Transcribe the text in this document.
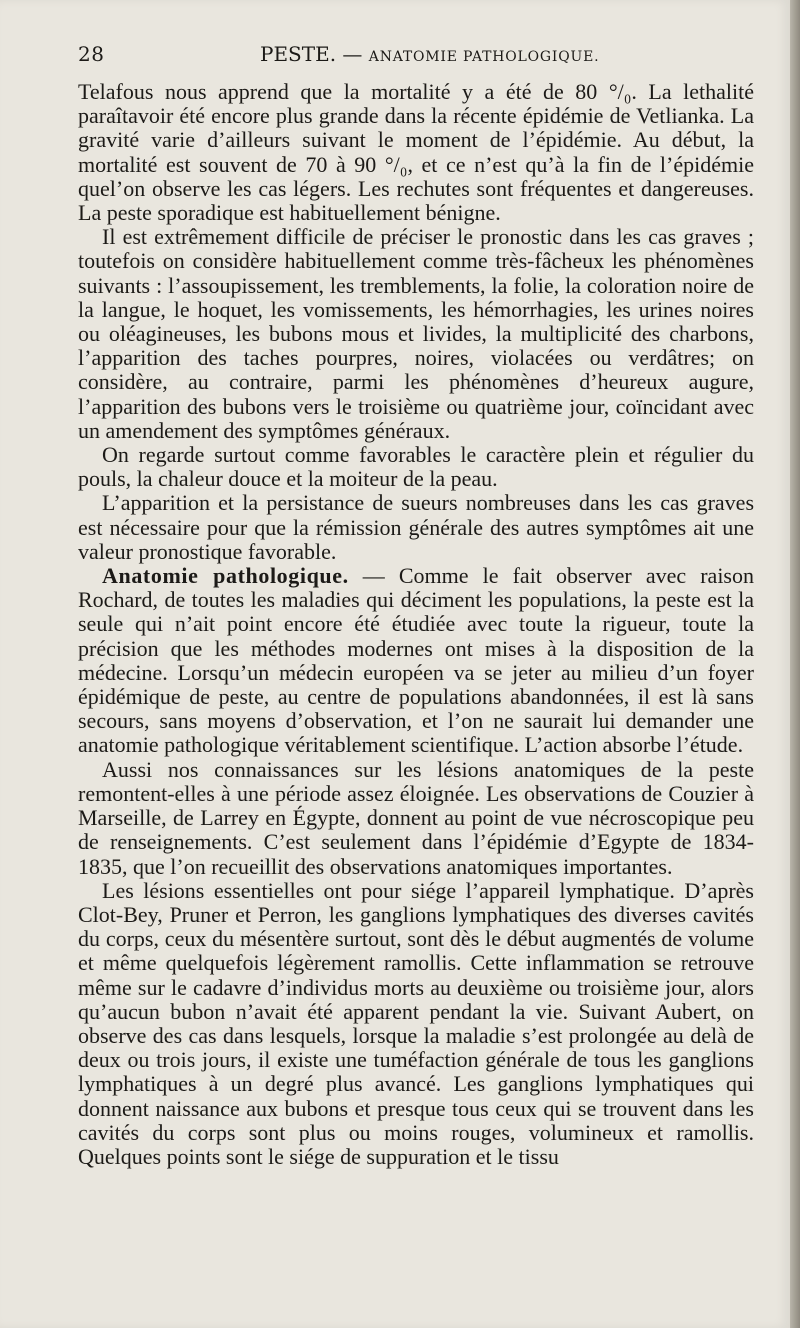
28	PESTE. — ANATOMIE PATHOLOGIQUE.

Telafous nous apprend que la mortalité y a été de 80 °/₀. La lethalité paraîtavoir été encore plus grande dans la récente épidémie de Vetlianka. La gravité varie d’ailleurs suivant le moment de l’épidémie. Au début, la mortalité est souvent de 70 à 90 °/₀, et ce n’est qu’à la fin de l’épidémie quel’on observe les cas légers. Les rechutes sont fréquentes et dangereuses. La peste sporadique est habituellement bénigne.

Il est extrêmement difficile de préciser le pronostic dans les cas graves ; toutefois on considère habituellement comme très-fâcheux les phénomènes suivants : l’assoupissement, les tremblements, la folie, la coloration noire de la langue, le hoquet, les vomissements, les hémorrhagies, les urines noires ou oléagineuses, les bubons mous et livides, la multiplicité des charbons, l’apparition des taches pourpres, noires, violacées ou verdâtres; on considère, au contraire, parmi les phénomènes d’heureux augure, l’apparition des bubons vers le troisième ou quatrième jour, coïncidant avec un amendement des symptômes généraux.

On regarde surtout comme favorables le caractère plein et régulier du pouls, la chaleur douce et la moiteur de la peau.

L’apparition et la persistance de sueurs nombreuses dans les cas graves est nécessaire pour que la rémission générale des autres symptômes ait une valeur pronostique favorable.

Anatomie pathologique. — Comme le fait observer avec raison Rochard, de toutes les maladies qui déciment les populations, la peste est la seule qui n’ait point encore été étudiée avec toute la rigueur, toute la précision que les méthodes modernes ont mises à la disposition de la médecine. Lorsqu’un médecin européen va se jeter au milieu d’un foyer épidémique de peste, au centre de populations abandonnées, il est là sans secours, sans moyens d’observation, et l’on ne saurait lui demander une anatomie pathologique véritablement scientifique. L’action absorbe l’étude.

Aussi nos connaissances sur les lésions anatomiques de la peste remontent-elles à une période assez éloignée. Les observations de Couzier à Marseille, de Larrey en Égypte, donnent au point de vue nécroscopique peu de renseignements. C’est seulement dans l’épidémie d’Egypte de 1834-1835, que l’on recueillit des observations anatomiques importantes.

Les lésions essentielles ont pour siége l’appareil lymphatique. D’après Clot-Bey, Pruner et Perron, les ganglions lymphatiques des diverses cavités du corps, ceux du mésentère surtout, sont dès le début augmentés de volume et même quelquefois légèrement ramollis. Cette inflammation se retrouve même sur le cadavre d’individus morts au deuxième ou troisième jour, alors qu’aucun bubon n’avait été apparent pendant la vie. Suivant Aubert, on observe des cas dans lesquels, lorsque la maladie s’est prolongée au delà de deux ou trois jours, il existe une tuméfaction générale de tous les ganglions lymphatiques à un degré plus avancé. Les ganglions lymphatiques qui donnent naissance aux bubons et presque tous ceux qui se trouvent dans les cavités du corps sont plus ou moins rouges, volumineux et ramollis. Quelques points sont le siége de suppuration et le tissu
